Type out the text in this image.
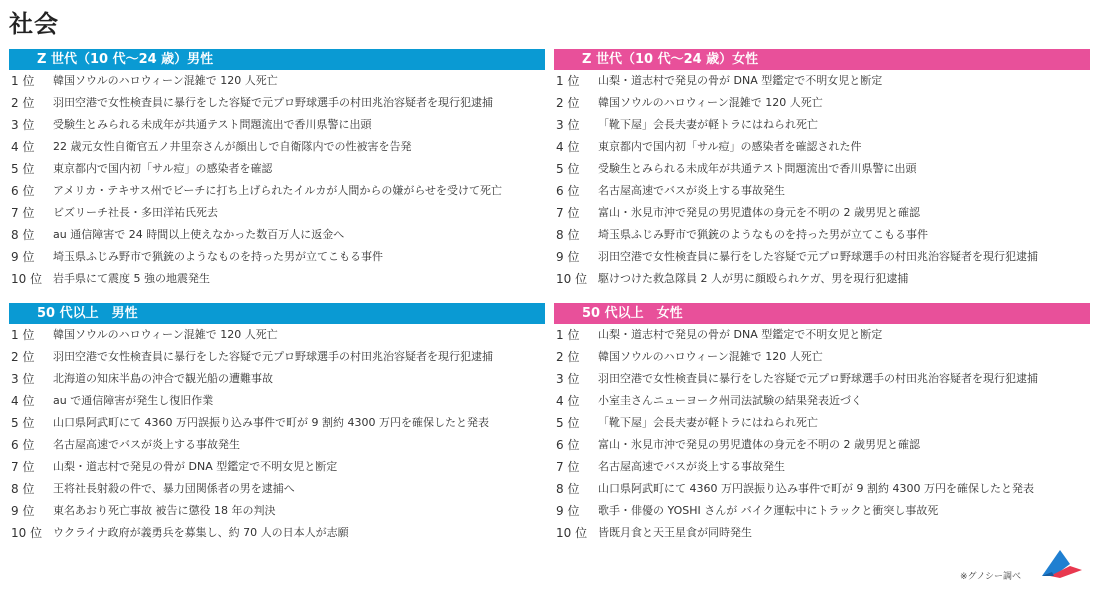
社会
Z 世代（10 代〜24 歳）男性
1 位	韓国ソウルのハロウィーン混雑で 120 人死亡
2 位	羽田空港で女性検査員に暴行をした容疑で元プロ野球選手の村田兆治容疑者を現行犯逮捕
3 位	受験生とみられる未成年が共通テスト問題流出で香川県警に出頭
4 位	22 歳元女性自衛官五ノ井里奈さんが顔出しで自衛隊内での性被害を告発
5 位	東京都内で国内初「サル痘」の感染者を確認
6 位	アメリカ・テキサス州でビーチに打ち上げられたイルカが人間からの嫌がらせを受けて死亡
7 位	ビズリーチ社長・多田洋祐氏死去
8 位	au 通信障害で 24 時間以上使えなかった数百万人に返金へ
9 位	埼玉県ふじみ野市で猟銃のようなものを持った男が立てこもる事件
10 位 岩手県にて震度 5 強の地震発生
Z 世代（10 代〜24 歳）女性
1 位	山梨・道志村で発見の骨が DNA 型鑑定で不明女児と断定
2 位	韓国ソウルのハロウィーン混雑で 120 人死亡
3 位	「靴下屋」会長夫妻が軽トラにはねられ死亡
4 位	東京都内で国内初「サル痘」の感染者を確認された件
5 位	受験生とみられる未成年が共通テスト問題流出で香川県警に出頭
6 位	名古屋高速でバスが炎上する事故発生
7 位	富山・氷見市沖で発見の男児遺体の身元を不明の 2 歳男児と確認
8 位	埼玉県ふじみ野市で猟銃のようなものを持った男が立てこもる事件
9 位	羽田空港で女性検査員に暴行をした容疑で元プロ野球選手の村田兆治容疑者を現行犯逮捕
10 位 駆けつけた救急隊員 2 人が男に顔殴られケガ、男を現行犯逮捕
50 代以上　男性
1 位	韓国ソウルのハロウィーン混雑で 120 人死亡
2 位	羽田空港で女性検査員に暴行をした容疑で元プロ野球選手の村田兆治容疑者を現行犯逮捕
3 位	北海道の知床半島の沖合で観光船の遭難事故
4 位	au で通信障害が発生し復旧作業
5 位	山口県阿武町にて 4360 万円誤振り込み事件で町が 9 割約 4300 万円を確保したと発表
6 位	名古屋高速でバスが炎上する事故発生
7 位	山梨・道志村で発見の骨が DNA 型鑑定で不明女児と断定
8 位	王将社長射殺の件で、暴力団関係者の男を逮捕へ
9 位	東名あおり死亡事故 被告に懲役 18 年の判決
10 位 ウクライナ政府が義勇兵を募集し、約 70 人の日本人が志願
50 代以上　女性
1 位	山梨・道志村で発見の骨が DNA 型鑑定で不明女児と断定
2 位	韓国ソウルのハロウィーン混雑で 120 人死亡
3 位	羽田空港で女性検査員に暴行をした容疑で元プロ野球選手の村田兆治容疑者を現行犯逮捕
4 位	小室圭さんニューヨーク州司法試験の結果発表近づく
5 位	「靴下屋」会長夫妻が軽トラにはねられ死亡
6 位	富山・氷見市沖で発見の男児遺体の身元を不明の 2 歳男児と確認
7 位	名古屋高速でバスが炎上する事故発生
8 位	山口県阿武町にて 4360 万円誤振り込み事件で町が 9 割約 4300 万円を確保したと発表
9 位	歌手・俳優の YOSHI さんが バイク運転中にトラックと衝突し事故死
10 位 皆既月食と天王星食が同時発生
※グノシー調べ
